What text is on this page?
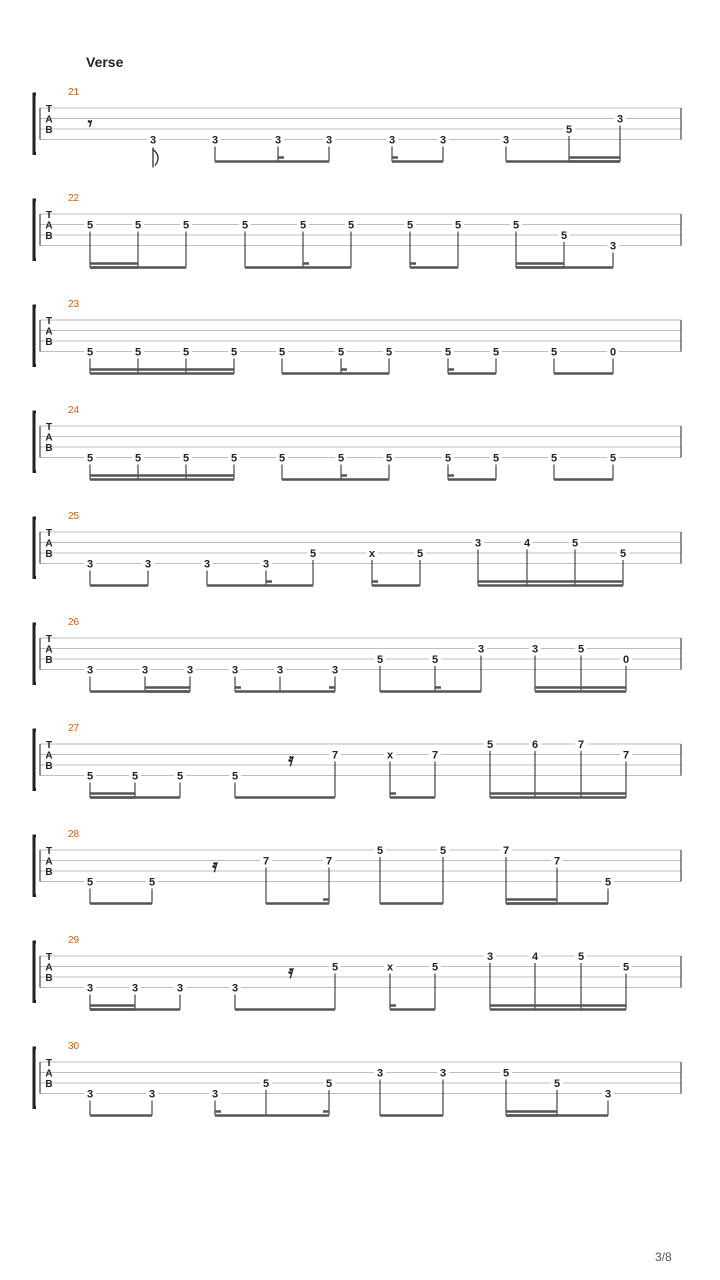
Verse
T
A
B
21
𝄾
3	3	3	3	3	3	3
5
3
T
A
B
22
5	5	5	5	5	5	5	5	5
5
3
T
A
B
23
5	5	5	5	5	5	5	5	5	5	0
T
A
B
24
5	5	5	5	5	5	5	5	5	5	5
T
A
B
25
3	3	3	3
5	x	5
3	4	5
5
T
A
B
26
3	3	3	3	3	3
5	5
3	3	5
0
T
A
B
27
5	5	5	5
𝄿	7	x	7
5	6	7
7
T
A
B
28
5	5
𝄿	7	7
5	5	7
7
5
T
A
B
29
3	3	3	3
𝄿	5	x	5
3	4	5
5
T
A
B
30
3	3	3
5	5
3	3	5
5
3
3/8
